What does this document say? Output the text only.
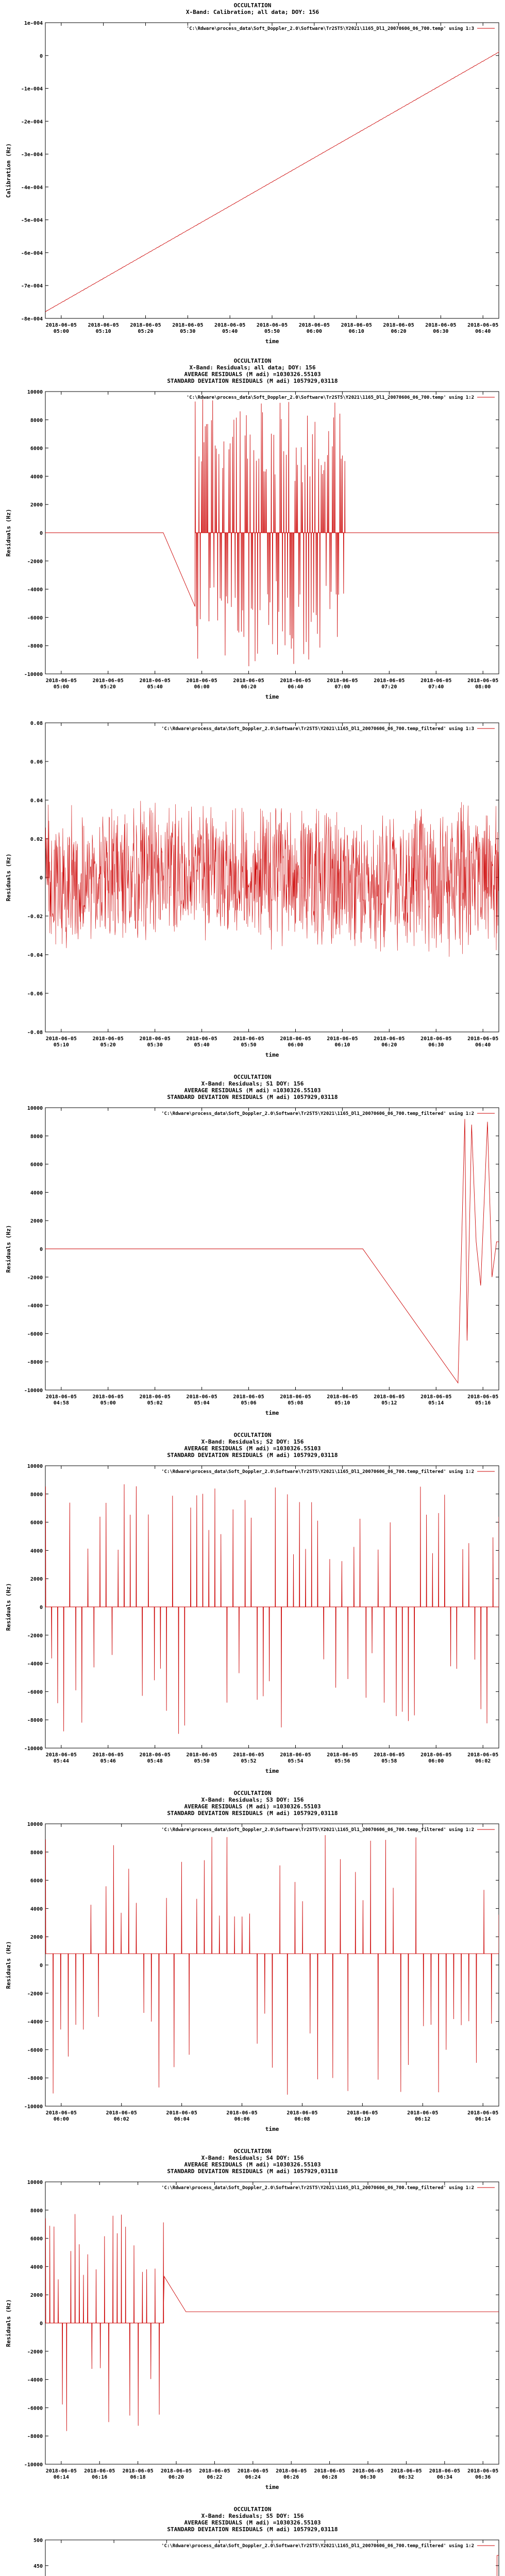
OCCULTATION
X-Band: Calibration; all data; DOY: 156
1e-004
0
-1e-004
-2e-004
-3e-004
-4e-004
-5e-004
-6e-004
-7e-004
-8e-004
2018-06-05
05:00
2018-06-05
05:10
2018-06-05
05:20
2018-06-05
05:30
2018-06-05
05:40
2018-06-05
05:50
2018-06-05
06:00
2018-06-05
06:10
2018-06-05
06:20
2018-06-05
06:30
2018-06-05
06:40
time
Calibration (Hz)
'C:\Rdware\process_data\Soft_Doppler_2.0\Software\Tr2ST5\Y2021\1165_Dl1_20070606_06_700.temp' using 1:3
OCCULTATION
X-Band: Residuals; all data; DOY: 156
AVERAGE RESIDUALS (M adi) =1030326.55103
STANDARD DEVIATION RESIDUALS (M adi) 1057929,03118
10000
8000
6000
4000
2000
0
-2000
-4000
-6000
-8000
-10000
2018-06-05
05:00
2018-06-05
05:20
2018-06-05
05:40
2018-06-05
06:00
2018-06-05
06:20
2018-06-05
06:40
2018-06-05
07:00
2018-06-05
07:20
2018-06-05
07:40
2018-06-05
08:00
time
Residuals (Hz)
'C:\Rdware\process_data\Soft_Doppler_2.0\Software\Tr2ST5\Y2021\1165_Dl1_20070606_06_700.temp' using 1:2
0.08
0.06
0.04
0.02
0
-0.02
-0.04
-0.06
-0.08
2018-06-05
05:10
2018-06-05
05:20
2018-06-05
05:30
2018-06-05
05:40
2018-06-05
05:50
2018-06-05
06:00
2018-06-05
06:10
2018-06-05
06:20
2018-06-05
06:30
2018-06-05
06:40
time
Residuals (Hz)
'C:\Rdware\process_data\Soft_Doppler_2.0\Software\Tr2ST5\Y2021\1165_Dl1_20070606_06_700.temp_filtered' using 1:3
OCCULTATION
X-Band: Residuals; S1 DOY: 156
AVERAGE RESIDUALS (M adi) =1030326.55103
STANDARD DEVIATION RESIDUALS (M adi) 1057929,03118
10000
8000
6000
4000
2000
0
-2000
-4000
-6000
-8000
-10000
2018-06-05
04:58
2018-06-05
05:00
2018-06-05
05:02
2018-06-05
05:04
2018-06-05
05:06
2018-06-05
05:08
2018-06-05
05:10
2018-06-05
05:12
2018-06-05
05:14
2018-06-05
05:16
time
Residuals (Hz)
'C:\Rdware\process_data\Soft_Doppler_2.0\Software\Tr2ST5\Y2021\1165_Dl1_20070606_06_700.temp_filtered' using 1:2
OCCULTATION
X-Band: Residuals; S2 DOY: 156
AVERAGE RESIDUALS (M adi) =1030326.55103
STANDARD DEVIATION RESIDUALS (M adi) 1057929,03118
10000
8000
6000
4000
2000
0
-2000
-4000
-6000
-8000
-10000
2018-06-05
05:44
2018-06-05
05:46
2018-06-05
05:48
2018-06-05
05:50
2018-06-05
05:52
2018-06-05
05:54
2018-06-05
05:56
2018-06-05
05:58
2018-06-05
06:00
2018-06-05
06:02
time
Residuals (Hz)
'C:\Rdware\process_data\Soft_Doppler_2.0\Software\Tr2ST5\Y2021\1165_Dl1_20070606_06_700.temp_filtered' using 1:2
OCCULTATION
X-Band: Residuals; S3 DOY: 156
AVERAGE RESIDUALS (M adi) =1030326.55103
STANDARD DEVIATION RESIDUALS (M adi) 1057929,03118
10000
8000
6000
4000
2000
0
-2000
-4000
-6000
-8000
-10000
2018-06-05
06:00
2018-06-05
06:02
2018-06-05
06:04
2018-06-05
06:06
2018-06-05
06:08
2018-06-05
06:10
2018-06-05
06:12
2018-06-05
06:14
time
Residuals (Hz)
'C:\Rdware\process_data\Soft_Doppler_2.0\Software\Tr2ST5\Y2021\1165_Dl1_20070606_06_700.temp_filtered' using 1:2
OCCULTATION
X-Band: Residuals; S4 DOY: 156
AVERAGE RESIDUALS (M adi) =1030326.55103
STANDARD DEVIATION RESIDUALS (M adi) 1057929,03118
10000
8000
6000
4000
2000
0
-2000
-4000
-6000
-8000
-10000
2018-06-05
06:14
2018-06-05
06:16
2018-06-05
06:18
2018-06-05
06:20
2018-06-05
06:22
2018-06-05
06:24
2018-06-05
06:26
2018-06-05
06:28
2018-06-05
06:30
2018-06-05
06:32
2018-06-05
06:34
2018-06-05
06:36
time
Residuals (Hz)
'C:\Rdware\process_data\Soft_Doppler_2.0\Software\Tr2ST5\Y2021\1165_Dl1_20070606_06_700.temp_filtered' using 1:2
OCCULTATION
X-Band: Residuals; S5 DOY: 156
AVERAGE RESIDUALS (M adi) =1030326.55103
STANDARD DEVIATION RESIDUALS (M adi) 1057929,03118
500
450
'C:\Rdware\process_data\Soft_Doppler_2.0\Software\Tr2ST5\Y2021\1165_Dl1_20070606_06_700.temp_filtered' using 1:2
